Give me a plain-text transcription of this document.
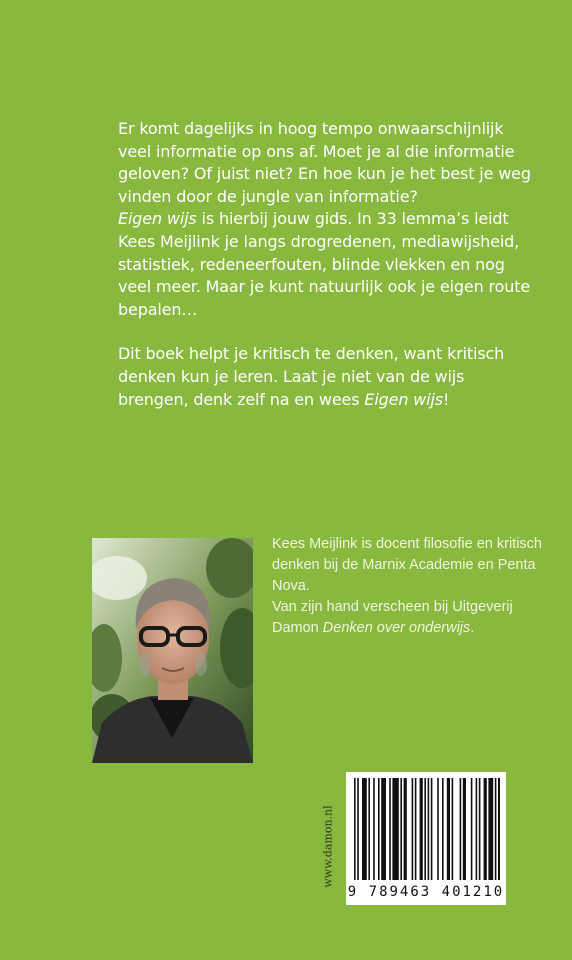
Er komt dagelijks in hoog tempo onwaarschijnlijk veel informatie op ons af. Moet je al die informatie geloven? Of juist niet? En hoe kun je het best je weg vinden door de jungle van informatie?
Eigen wijs is hierbij jouw gids. In 33 lemma’s leidt Kees Meijlink je langs drogredenen, mediawijsheid, statistiek, redeneerfouten, blinde vlekken en nog veel meer. Maar je kunt natuurlijk ook je eigen route bepalen…

Dit boek helpt je kritisch te denken, want kritisch denken kun je leren. Laat je niet van de wijs brengen, denk zelf na en wees Eigen wijs!

Kees Meijlink is docent filosofie en kritisch denken bij de Marnix Academie en Penta Nova.
Van zijn hand verscheen bij Uitgeverij Damon Denken over onderwijs.
www.damon.nl
9 789463 401210
